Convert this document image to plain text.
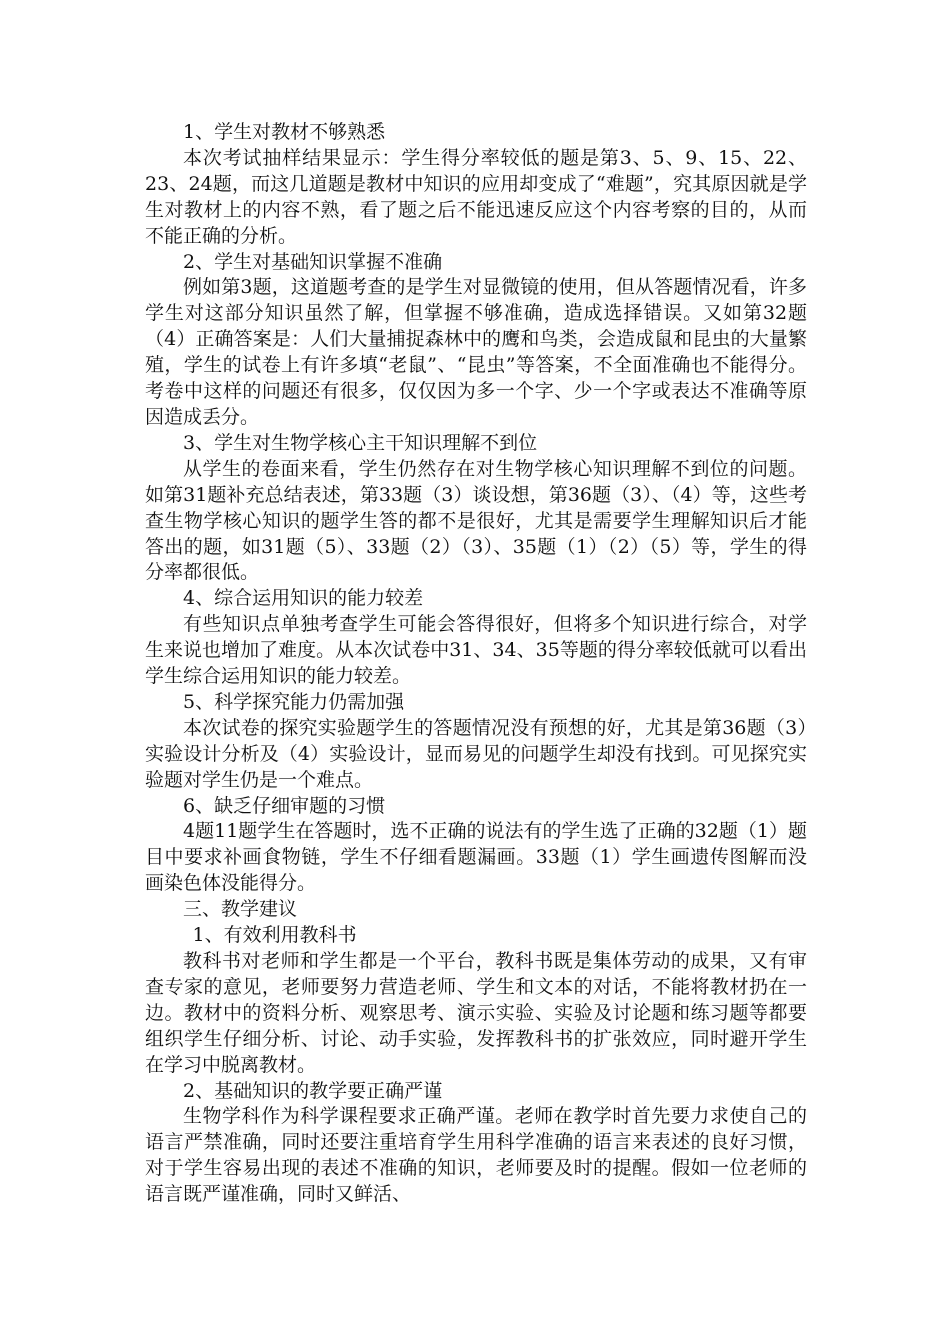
1、学生对教材不够熟悉

本次考试抽样结果显示：学生得分率较低的题是第3、5、9、15、22、23、24题，而这几道题是教材中知识的应用却变成了“难题”，究其原因就是学生对教材上的内容不熟，看了题之后不能迅速反应这个内容考察的目的，从而不能正确的分析。

2、学生对基础知识掌握不准确

例如第3题，这道题考查的是学生对显微镜的使用，但从答题情况看，许多学生对这部分知识虽然了解，但掌握不够准确，造成选择错误。又如第32题（4）正确答案是：人们大量捕捉森林中的鹰和鸟类，会造成鼠和昆虫的大量繁殖，学生的试卷上有许多填“老鼠”、“昆虫”等答案，不全面准确也不能得分。考卷中这样的问题还有很多，仅仅因为多一个字、少一个字或表达不准确等原因造成丢分。

3、学生对生物学核心主干知识理解不到位

从学生的卷面来看，学生仍然存在对生物学核心知识理解不到位的问题。如第31题补充总结表述，第33题（3）谈设想，第36题（3）、（4）等，这些考查生物学核心知识的题学生答的都不是很好，尤其是需要学生理解知识后才能答出的题，如31题（5）、33题（2）（3）、35题（1）（2）（5）等，学生的得分率都很低。

4、综合运用知识的能力较差

有些知识点单独考查学生可能会答得很好，但将多个知识进行综合，对学生来说也增加了难度。从本次试卷中31、34、35等题的得分率较低就可以看出学生综合运用知识的能力较差。

5、科学探究能力仍需加强

本次试卷的探究实验题学生的答题情况没有预想的好，尤其是第36题（3）实验设计分析及（4）实验设计，显而易见的问题学生却没有找到。可见探究实验题对学生仍是一个难点。

6、缺乏仔细审题的习惯

4题11题学生在答题时，选不正确的说法有的学生选了正确的32题（1）题目中要求补画食物链，学生不仔细看题漏画。33题（1）学生画遗传图解而没画染色体没能得分。

三、教学建议

1、有效利用教科书

教科书对老师和学生都是一个平台，教科书既是集体劳动的成果，又有审查专家的意见，老师要努力营造老师、学生和文本的对话，不能将教材扔在一边。教材中的资料分析、观察思考、演示实验、实验及讨论题和练习题等都要组织学生仔细分析、讨论、动手实验，发挥教科书的扩张效应，同时避开学生在学习中脱离教材。

2、基础知识的教学要正确严谨

生物学科作为科学课程要求正确严谨。老师在教学时首先要力求使自己的语言严禁准确，同时还要注重培育学生用科学准确的语言来表述的良好习惯，对于学生容易出现的表述不准确的知识，老师要及时的提醒。假如一位老师的语言既严谨准确，同时又鲜活、
